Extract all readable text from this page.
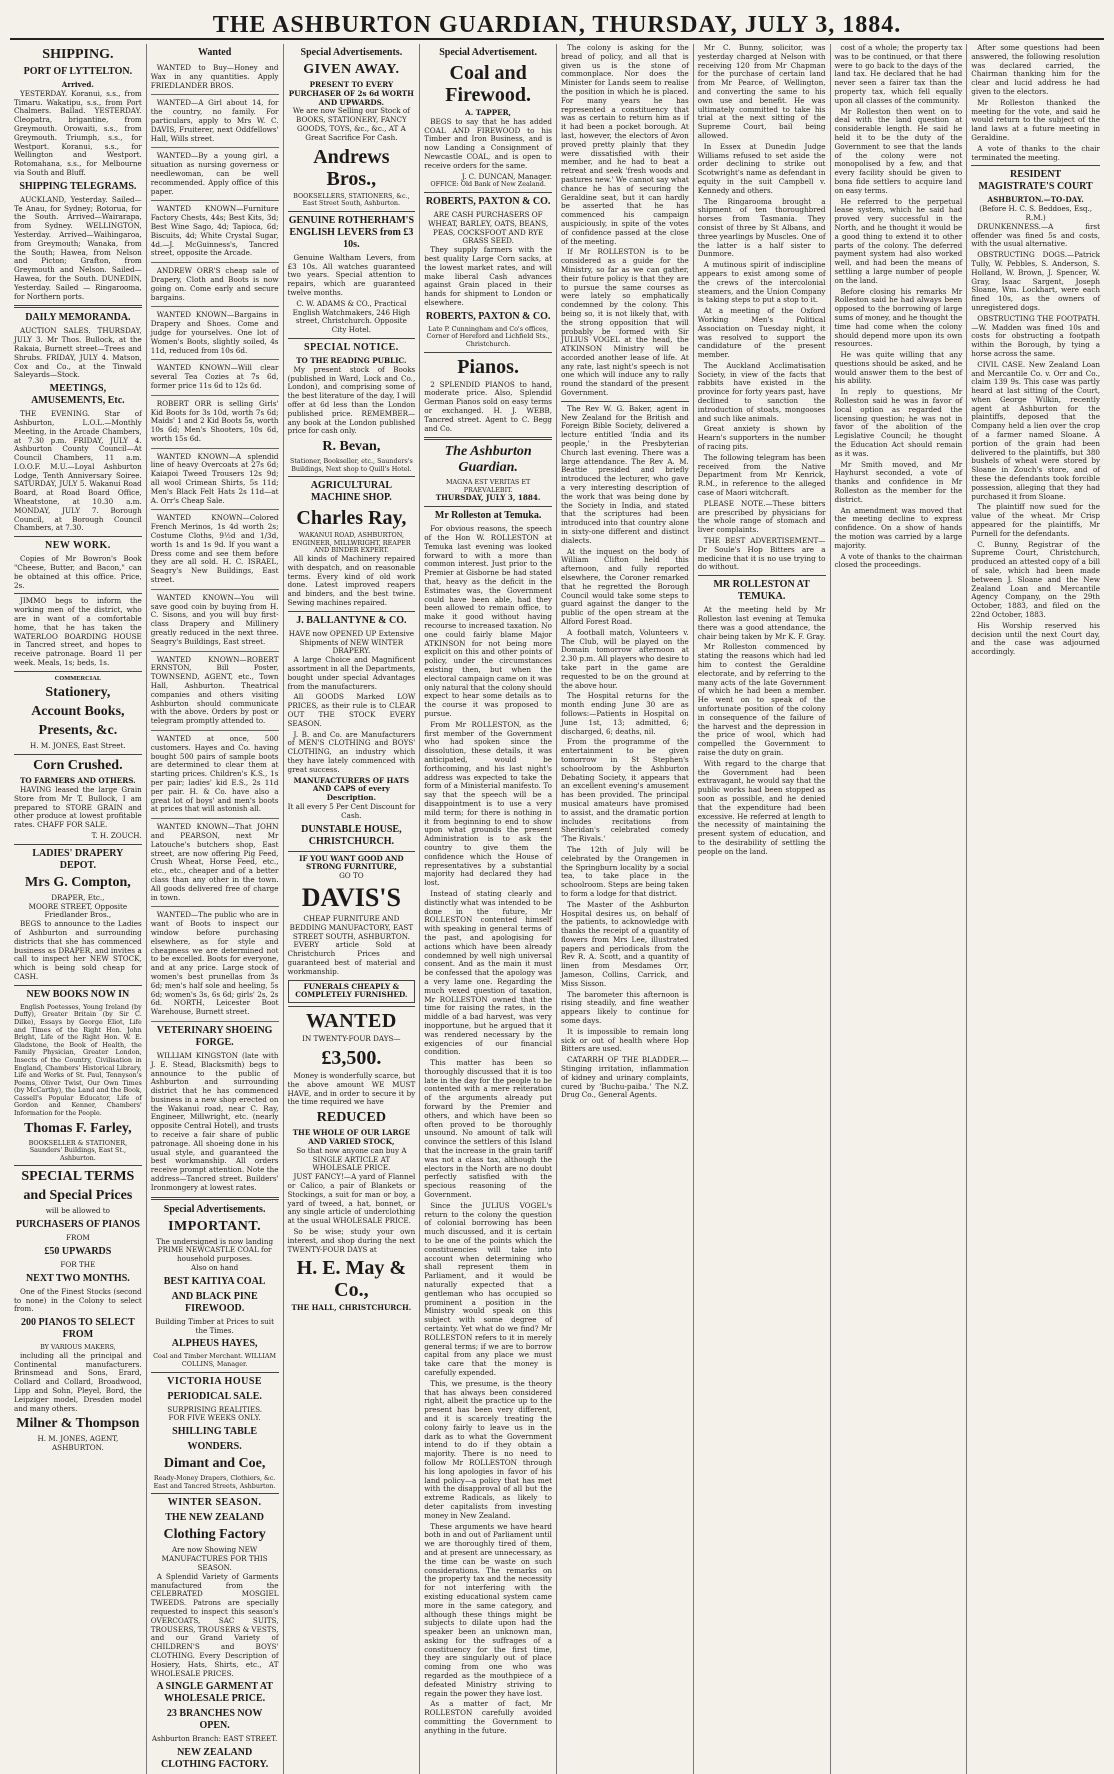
THE ASHBURTON GUARDIAN, THURSDAY, JULY 3, 1884.
SHIPPING.
PORT OF LYTTELTON.
Arrived.
YESTERDAY. Koranui, s.s., from Timaru. Wakatipu, s.s., from Port Chalmers. Ballad. YESTERDAY. Cleopatra, brigantine, from Greymouth. Orowaiti, s.s., from Greymouth. Triumph, s.s., for Westport. Koranui, s.s., for Wellington and Westport. Rotomahana, s.s., for Melbourne via South and Bluff.
SHIPPING TELEGRAMS.
AUCKLAND, Yesterday. Sailed—Te Anau, for Sydney; Rotorua, for the South. Arrived—Wairarapa, from Sydney. WELLINGTON, Yesterday. Arrived—Waihingaroa, from Greymouth; Wanaka, from the South; Hawea, from Nelson and Picton; Grafton, from Greymouth and Nelson. Sailed—Hawea, for the South. DUNEDIN, Yesterday. Sailed — Ringarooma, for Northern ports.
DAILY MEMORANDA.
AUCTION SALES. THURSDAY, JULY 3. Mr Thos. Bullock, at the Rakaia, Burnett street—Trees and Shrubs. FRIDAY, JULY 4. Matson, Cox and Co., at the Tinwald Saleyards—Stock.
MEETINGS, AMUSEMENTS, Etc.
THE EVENING. Star of Ashburton, L.O.L.—Monthly Meeting, in the Arcade Chambers, at 7.30 p.m. FRIDAY, JULY 4. Ashburton County Council—At Council Chambers, 11 a.m. I.O.O.F. M.U.—Loyal Ashburton Lodge, Tenth Anniversary Soiree. SATURDAY, JULY 5. Wakanui Road Board, at Road Board Office, Wheatstone, at 10.30 a.m. MONDAY, JULY 7. Borough Council, at Borough Council Chambers, at 7.30.
NEW WORK.
Copies of Mr Bowron's Book "Cheese, Butter, and Bacon," can be obtained at this office. Price, 2s.
JIMMO begs to inform the working men of the district, who are in want of a comfortable home, that he has taken the WATERLOO BOARDING HOUSE in Tancred street, and hopes to receive patronage. Board 1l per week. Meals, 1s; beds, 1s.
COMMERCIAL
Stationery,
Account Books,
Presents, &c.
H. M. JONES, East Street.
Corn Crushed.
TO FARMERS AND OTHERS.
HAVING leased the large Grain Store from Mr T. Bullock, I am prepared to STORE GRAIN and other produce at lowest profitable rates. CHAFF FOR SALE.
T. H. ZOUCH.
LADIES' DRAPERY DEPOT.
Mrs G. Compton,
DRAPER, Etc.,
MOORE STREET, Opposite Friedlander Bros.,
BEGS to announce to the Ladies of Ashburton and surrounding districts that she has commenced business as DRAPER, and invites a call to inspect her NEW STOCK, which is being sold cheap for CASH.
NEW BOOKS NOW IN
English Poetesses, Young Ireland (by Duffy), Greater Britain (by Sir C. Dilke), Essays by George Eliot, Life and Times of the Right Hon. John Bright, Life of the Right Hon. W. E. Gladstone, the Book of Health, the Family Physician, Greater London, Insects of the Country, Civilisation in England, Chambers' Historical Library, Life and Works of St. Paul, Tennyson's Poems, Oliver Twist, Our Own Times (by McCarthy), the Land and the Book, Cassell's Popular Educator, Life of Gordon and Kenner, Chambers' Information for the People.
Thomas F. Farley,
BOOKSELLER & STATIONER, Saunders' Buildings, East St., Ashburton.
SPECIAL TERMS
and Special Prices
will be allowed to
PURCHASERS OF PIANOS
FROM
£50 UPWARDS
FOR THE
NEXT TWO MONTHS.
One of the Finest Stocks (second to none) in the Colony to select from.
200 PIANOS TO SELECT FROM
BY VARIOUS MAKERS,
including all the principal and Continental manufacturers. Brinsmead and Sons, Erard, Collard and Collard, Broadwood, Lipp and Sohn, Pleyel, Bord, the Leipziger model, Dresden model and many others.
Milner & Thompson
H. M. JONES, AGENT, ASHBURTON.
Wanted
WANTED to Buy—Honey and Wax in any quantities. Apply FRIEDLANDER BROS.
WANTED—A Girl about 14, for the country, no family. For particulars, apply to Mrs W. C. DAVIS, Fruiterer, next Oddfellows' Hall, Wills street.
WANTED—By a young girl, a situation as nursing governess or needlewoman, can be well recommended. Apply office of this paper.
WANTED KNOWN—Furniture Factory Chests, 44s; Best Kits, 3d; Best Wine Sago, 4d; Tapioca, 6d; Biscuits, 4d; White Crystal Sugar, 4d.—J. McGuinness's, Tancred street, opposite the Arcade.
ANDREW ORR'S cheap sale of Drapery, Cloth and Boots is now going on. Come early and secure bargains.
WANTED KNOWN—Bargains in Drapery and Shoes. Come and judge for yourselves. One lot of Women's Boots, slightly soiled, 4s 11d, reduced from 10s 6d.
WANTED KNOWN—Will clear several Tea Cozies at 7s 6d, former price 11s 6d to 12s 6d.
ROBERT ORR is selling Girls' Kid Boots for 3s 10d, worth 7s 6d; Maids' 1 and 2 Kid Boots 5s, worth 10s 6d; Men's Shooters, 10s 6d, worth 15s 6d.
WANTED KNOWN—A splendid line of heavy Overcoats at 27s 6d; Kaiapoi Tweed Trousers 12s 9d; all wool Crimean Shirts, 5s 11d; Men's Black Felt Hats 2s 11d—at A. Orr's Cheap Sale.
WANTED KNOWN—Colored French Merinos, 1s 4d worth 2s; Costume Cloths, 9½d and 1/3d, worth 1s and 1s 9d. If you want a Dress come and see them before they are all sold. H. C. ISRAEL, Seagry's New Buildings, East street.
WANTED KNOWN—You will save good coin by buying from H. C. Sisons, and you will buy first-class Drapery and Millinery greatly reduced in the next three. Seagry's Buildings, East street.
WANTED KNOWN—ROBERT ERNSTON, Bill Poster, TOWNSEND, AGENT, etc., Town Hall, Ashburton. Theatrical companies and others visiting Ashburton should communicate with the above. Orders by post or telegram promptly attended to.
WANTED at once, 500 customers. Hayes and Co. having bought 500 pairs of sample boots are determined to clear them at starting prices. Children's K.S., 1s per pair; ladies' kid E.S., 2s 11d per pair. H. & Co. have also a great lot of boys' and men's boots at prices that will astonish all.
WANTED KNOWN—That JOHN and PEARSON, next Mr Latouche's butchers shop, East street, are now offering Pig Feed, Crush Wheat, Horse Feed, etc., etc., etc., cheaper and of a better class than any other in the town. All goods delivered free of charge in town.
WANTED—The public who are in want of Boots to inspect our window before purchasing elsewhere, as for style and cheapness we are determined not to be excelled. Boots for everyone, and at any price. Large stock of women's best prunellas from 3s 6d; men's half sole and heeling, 5s 6d; women's 3s, 6s 6d; girls' 2s, 2s 6d. NORTH, Leicester Boot Warehouse, Burnett street.
VETERINARY SHOEING FORGE.
WILLIAM KINGSTON (late with J. E. Stead, Blacksmith) begs to announce to the public of Ashburton and surrounding district that he has commenced business in a new shop erected on the Wakanui road, near C. Ray, Engineer, Millwright, etc. (nearly opposite Central Hotel), and trusts to receive a fair share of public patronage. All shoeing done in his usual style, and guaranteed the best workmanship. All orders receive prompt attention. Note the address—Tancred street. Builders' Ironmongery at lowest rates.
Special Advertisements.
IMPORTANT.
The undersigned is now landing PRIME NEWCASTLE COAL for household purposes.
Also on hand
BEST KAITIYA COAL
AND BLACK PINE FIREWOOD.
Building Timber at Prices to suit the Times.
ALPHEUS HAYES,
Coal and Timber Merchant. WILLIAM COLLINS, Manager.
VICTORIA HOUSE
PERIODICAL SALE.
SURPRISING REALITIES.
FOR FIVE WEEKS ONLY.
SHILLING TABLE
WONDERS.
Dimant and Coe,
Ready-Money Drapers, Clothiers, &c. East and Tancred Streets, Ashburton.
WINTER SEASON.
THE NEW ZEALAND
Clothing Factory
Are now Showing NEW MANUFACTURES FOR THIS SEASON.
A Splendid Variety of Garments manufactured from the CELEBRATED MOSGIEL TWEEDS. Patrons are specially requested to inspect this season's OVERCOATS, SAC SUITS, TROUSERS, TROUSERS & VESTS, and our Grand Variety of CHILDREN'S and BOYS' CLOTHING. Every Description of Hosiery, Hats, Shirts, etc., AT WHOLESALE PRICES.
A SINGLE GARMENT AT WHOLESALE PRICE.
23 BRANCHES NOW OPEN.
Ashburton Branch: EAST STREET.
NEW ZEALAND CLOTHING FACTORY.
Special Advertisements.
GIVEN AWAY.
PRESENT TO EVERY PURCHASER OF 2s 6d WORTH AND UPWARDS.
We are now Selling our Stock of BOOKS, STATIONERY, FANCY GOODS, TOYS, &c., &c., AT A Great Sacrifice For Cash.
Andrews Bros.,
BOOKSELLERS, STATIONERS, &c., East Street South, Ashburton.
GENUINE ROTHERHAM'S ENGLISH LEVERS from £3 10s.
Genuine Waltham Levers, from £3 10s. All watches guaranteed two years. Special attention to repairs, which are guaranteed twelve months.
C. W. ADAMS & CO., Practical English Watchmakers, 246 High street, Christchurch. Opposite City Hotel.
SPECIAL NOTICE.
TO THE READING PUBLIC.
My present stock of Books (published in Ward, Lock and Co., London), and comprising some of the best literature of the day, I will offer at 6d less than the London published price. REMEMBER—any book at the London published price for cash only.
R. Bevan,
Stationer, Bookseller, etc., Saunders's Buildings, Next shop to Quill's Hotel.
AGRICULTURAL MACHINE SHOP.
Charles Ray,
WAKANUI ROAD, ASHBURTON, ENGINEER, MILLWRIGHT, REAPER AND BINDER EXPERT.
All kinds of Machinery repaired with despatch, and on reasonable terms. Every kind of old work done. Latest improved reapers and binders, and the best twine. Sewing machines repaired.
J. BALLANTYNE & CO.
HAVE now OPENED UP Extensive Shipments of NEW WINTER DRAPERY.
A large Choice and Magnificent assortment in all the Departments, bought under special Advantages from the manufacturers.
All GOODS Marked LOW PRICES, as their rule is to CLEAR OUT THE STOCK EVERY SEASON.
J. B. and Co. are Manufacturers of MEN'S CLOTHING and BOYS' CLOTHING, an industry which they have lately commenced with great success.
MANUFACTURERS OF HATS AND CAPS of every Description.
It all every 5 Per Cent Discount for Cash.
DUNSTABLE HOUSE, CHRISTCHURCH.
IF YOU WANT GOOD AND STRONG FURNITURE,
GO TO
DAVIS'S
CHEAP FURNITURE AND BEDDING MANUFACTORY, EAST STREET SOUTH, ASHBURTON.
EVERY article Sold at Christchurch Prices and guaranteed best of material and workmanship.
FUNERALS CHEAPLY & COMPLETELY FURNISHED.
WANTED
IN TWENTY-FOUR DAYS—
£3,500.
Money is wonderfully scarce, but the above amount WE MUST HAVE, and in order to secure it by the time required we have
REDUCED
THE WHOLE OF OUR LARGE AND VARIED STOCK,
So that now anyone can buy A SINGLE ARTICLE AT WHOLESALE PRICE.
JUST FANCY!—A yard of Flannel or Calico, a pair of Blankets or Stockings, a suit for man or boy, a yard of tweed, a hat, bonnet, or any single article of underclothing at the usual WHOLESALE PRICE.
So be wise; study your own interest, and shop during the next TWENTY-FOUR DAYS at
H. E. May & Co.,
THE HALL, CHRISTCHURCH.
Special Advertisement.
Coal and Firewood.
A. TAPPER,
BEGS to say that he has added COAL AND FIREWOOD to his Timber and Iron Business, and is now Landing a Consignment of Newcastle COAL, and is open to receive orders for the same.
J. C. DUNCAN, Manager.
OFFICE: Old Bank of New Zealand.
ROBERTS, PAXTON & CO.
ARE CASH PURCHASERS OF WHEAT, BARLEY, OATS, BEANS, PEAS, COCKSFOOT AND RYE GRASS SEED.
They supply farmers with the best quality Large Corn sacks, at the lowest market rates, and will make liberal Cash advances against Grain placed in their hands for shipment to London or elsewhere.
ROBERTS, PAXTON & CO.
Late P. Cunningham and Co's offices, Corner of Hereford and Lichfield Sts., Christchurch.
Pianos.
2 SPLENDID PIANOS to hand, moderate price. Also, Splendid German Pianos sold on easy terms or exchanged. H. J. WEBB, Tancred street. Agent to C. Begg and Co.
The Ashburton Guardian.
MAGNA EST VERITAS ET PRAEVALEBIT.
THURSDAY, JULY 3, 1884.
Mr Rolleston at Temuka.
For obvious reasons, the speech of the Hon W. ROLLESTON at Temuka last evening was looked forward to with a more than common interest. Just prior to the Premier at Gisborne be had stated that, heavy as the deficit in the Estimates was, the Government could have been able, had they been allowed to remain office, to make it good without having recourse to increased taxation. No one could fairly blame Major ATKINSON for not being more explicit on this and other points of policy, under the circumstances existing then, but when the electoral campaign came on it was only natural that the colony should expect to hear some details as to the course it was proposed to pursue.
From Mr ROLLESTON, as the first member of the Government who had spoken since the dissolution, these details, it was anticipated, would be forthcoming, and his last night's address was expected to take the form of a Ministerial manifesto. To say that the speech will be a disappointment is to use a very mild term; for there is nothing in it from beginning to end to show upon what grounds the present Administration is to ask the country to give them the confidence which the House of representatives by a substantial majority had declared they had lost.
Instead of stating clearly and distinctly what was intended to be done in the future, Mr ROLLESTON contented himself with speaking in general terms of the past, and apologising for actions which have been already condemned by well nigh universal consent. And as the main it must be confessed that the apology was a very lame one. Regarding the much vexed question of taxation, Mr ROLLESTON owned that the time for raising the rates, in the middle of a bad harvest, was very inopportune, but he argued that it was rendered necessary by the exigencies of our financial condition.
This matter has been so thoroughly discussed that it is too late in the day for the people to be contented with a mere reiteration of the arguments already put forward by the Premier and others, and which have been so often proved to be thoroughly unsound. No amount of talk will convince the settlers of this Island that the increase in the grain tariff was not a class tax, although the electors in the North are no doubt perfectly satisfied with the specious reasoning of the Government.
Since the JULIUS VOGEL's return to the colony the question of colonial borrowing has been much discussed, and it is certain to be one of the points which the constituencies will take into account when determining who shall represent them in Parliament, and it would be naturally expected that a gentleman who has occupied so prominent a position in the Ministry would speak on this subject with some degree of certainty. Yet what do we find? Mr ROLLESTON refers to it in merely general terms; if we are to borrow capital from any place we must take care that the money is carefully expended.
This, we presume, is the theory that has always been considered right, albeit the practice up to the present has been very different, and it is scarcely treating the colony fairly to leave us in the dark as to what the Government intend to do if they obtain a majority. There is no need to follow Mr ROLLESTON through his long apologies in favor of his land policy—a policy that has met with the disapproval of all but the extreme Radicals, as likely to deter capitalists from investing money in New Zealand.
These arguments we have heard both in and out of Parliament until we are thoroughly tired of them, and at present are unnecessary, as the time can be waste on such considerations. The remarks on the property tax and the necessity for not interfering with the existing educational system came more in the same category, and although these things might be subjects to dilate upon had the speaker been an unknown man, asking for the suffrages of a constituency for the first time, they are singularly out of place coming from one who was regarded as the mouthpiece of a defeated Ministry striving to regain the power they have lost.
As a matter of fact, Mr ROLLESTON carefully avoided committing the Government to anything in the future.
The colony is asking for the bread of policy, and all that is given us is the stone of commonplace. Nor does the Minister for Lands seem to realise the position in which he is placed. For many years he has represented a constituency that was as certain to return him as if it had been a pocket borough. At last, however, the electors of Avon proved pretty plainly that they were dissatisfied with their member, and he had to beat a retreat and seek 'fresh woods and pastures new.' We cannot say what chance he has of securing the Geraldine seat, but it can hardly be asserted that he has commenced his campaign auspiciously, in spite of the votes of confidence passed at the close of the meeting.
If Mr ROLLESTON is to be considered as a guide for the Ministry, so far as we can gather, their future policy is that they are to pursue the same courses as were lately so emphatically condemned by the colony. This being so, it is not likely that, with the strong opposition that will probably be formed with Sir JULIUS VOGEL at the head, the ATKINSON Ministry will be accorded another lease of life. At any rate, last night's speech is not one which will induce any to rally round the standard of the present Government.
The Rev W. G. Baker, agent in New Zealand for the British and Foreign Bible Society, delivered a lecture entitled 'India and its people,' in the Presbyterian Church last evening. There was a large attendance. The Rev A. M. Beattie presided and briefly introduced the lecturer, who gave a very interesting description of the work that was being done by the Society in India, and stated that the scriptures had been introduced into that country alone in sixty-one different and distinct dialects.
At the inquest on the body of William Clifton held this afternoon, and fully reported elsewhere, the Coroner remarked that he regretted the Borough Council would take some steps to guard against the danger to the public of the open stream at the Alford Forest Road.
A football match, Volunteers v. The Club, will be played on the Domain tomorrow afternoon at 2.30 p.m. All players who desire to take part in the game are requested to be on the ground at the above hour.
The Hospital returns for the month ending June 30 are as follows:—Patients in Hospital on June 1st, 13; admitted, 6; discharged, 6; deaths, nil.
From the programme of the entertainment to be given tomorrow in St Stephen's schoolroom by the Ashburton Debating Society, it appears that an excellent evening's amusement has been provided. The principal musical amateurs have promised to assist, and the dramatic portion includes recitations from Sheridan's celebrated comedy 'The Rivals.'
The 12th of July will be celebrated by the Orangemen in the Springburn locality by a social tea, to take place in the schoolroom. Steps are being taken to form a lodge for that district.
The Master of the Ashburton Hospital desires us, on behalf of the patients, to acknowledge with thanks the receipt of a quantity of flowers from Mrs Lee, illustrated papers and periodicals from the Rev R. A. Scott, and a quantity of linen from Mesdames Orr, Jameson, Collins, Carrick, and Miss Sisson.
The barometer this afternoon is rising steadily, and fine weather appears likely to continue for some days.
It is impossible to remain long sick or out of health where Hop Bitters are used.
CATARRH OF THE BLADDER.—Stinging irritation, inflammation of kidney and urinary complaints, cured by 'Buchu-paiba.' The N.Z. Drug Co., General Agents.
Mr C. Bunny, solicitor, was yesterday charged at Nelson with receiving 120 from Mr Chapman for the purchase of certain land from Mr Pearce, of Wellington, and converting the same to his own use and benefit. He was ultimately committed to take his trial at the next sitting of the Supreme Court, bail being allowed.
In Essex at Dunedin Judge Williams refused to set aside the order declining to strike out Scotwright's name as defendant in equity in the suit Campbell v. Kennedy and others.
The Ringarooma brought a shipment of ten thoroughbred horses from Tasmania. They consist of three by St Albans, and three yearlings by Muscles. One of the latter is a half sister to Dunmore.
A mutinous spirit of indiscipline appears to exist among some of the crews of the intercolonial steamers, and the Union Company is taking steps to put a stop to it.
At a meeting of the Oxford Working Men's Political Association on Tuesday night, it was resolved to support the candidature of the present member.
The Auckland Acclimatisation Society, in view of the facts that rabbits have existed in the province for forty years past, have declined to sanction the introduction of stoats, mongooses and such like animals.
Great anxiety is shown by Hearn's supporters in the number of racing pits.
The following telegram has been received from the Native Department from Mr Kenrick, R.M., in reference to the alleged case of Maori witchcraft.
PLEASE NOTE.—These bitters are prescribed by physicians for the whole range of stomach and liver complaints.
THE BEST ADVERTISEMENT—Dr Soule's Hop Bitters are a medicine that it is no use trying to do without.
MR ROLLESTON AT TEMUKA.
At the meeting held by Mr Rolleston last evening at Temuka there was a good attendance, the chair being taken by Mr K. F. Gray.
Mr Rolleston commenced by stating the reasons which had led him to contest the Geraldine electorate, and by referring to the many acts of the late Government of which he had been a member. He went on to speak of the unfortunate position of the colony in consequence of the failure of the harvest and the depression in the price of wool, which had compelled the Government to raise the duty on grain.
With regard to the charge that the Government had been extravagant, he would say that the public works had been stopped as soon as possible, and he denied that the expenditure had been excessive. He referred at length to the necessity of maintaining the present system of education, and to the desirability of settling the people on the land.
cost of a whole; the property tax was to be continued, or that there were to go back to the days of the land tax. He declared that he had never seen a fairer tax than the property tax, which fell equally upon all classes of the community.
Mr Rolleston then went on to deal with the land question at considerable length. He said he held it to be the duty of the Government to see that the lands of the colony were not monopolised by a few, and that every facility should be given to bona fide settlers to acquire land on easy terms.
He referred to the perpetual lease system, which he said had proved very successful in the North, and he thought it would be a good thing to extend it to other parts of the colony. The deferred payment system had also worked well, and had been the means of settling a large number of people on the land.
Before closing his remarks Mr Rolleston said he had always been opposed to the borrowing of large sums of money, and he thought the time had come when the colony should depend more upon its own resources.
He was quite willing that any questions should be asked, and he would answer them to the best of his ability.
In reply to questions, Mr Rolleston said he was in favor of local option as regarded the licensing question; he was not in favor of the abolition of the Legislative Council; he thought the Education Act should remain as it was.
Mr Smith moved, and Mr Hayhurst seconded, a vote of thanks and confidence in Mr Rolleston as the member for the district.
An amendment was moved that the meeting decline to express confidence. On a show of hands the motion was carried by a large majority.
A vote of thanks to the chairman closed the proceedings.
After some questions had been answered, the following resolution was declared carried, the Chairman thanking him for the clear and lucid address he had given to the electors.
Mr Rolleston thanked the meeting for the vote, and said he would return to the subject of the land laws at a future meeting in Geraldine.
A vote of thanks to the chair terminated the meeting.
RESIDENT MAGISTRATE'S COURT
ASHBURTON.—TO-DAY.
(Before H. C. S. Beddoes, Esq., R.M.)
DRUNKENNESS.—A first offender was fined 5s and costs, with the usual alternative.
OBSTRUCTING DOGS.—Patrick Tully, W. Pebbles, S. Anderson, S. Holland, W. Brown, J. Spencer, W. Gray, Isaac Sargent, Joseph Sloane, Wm. Lockhart, were each fined 10s, as the owners of unregistered dogs.
OBSTRUCTING THE FOOTPATH.—W. Madden was fined 10s and costs for obstructing a footpath within the Borough, by tying a horse across the same.
CIVIL CASE. New Zealand Loan and Mercantile Co. v. Orr and Co., claim 139 9s. This case was partly heard at last sitting of the Court, when George Wilkin, recently agent at Ashburton for the plaintiffs, deposed that the Company held a lien over the crop of a farmer named Sloane. A portion of the grain had been delivered to the plaintiffs, but 380 bushels of wheat were stored by Sloane in Zouch's store, and of these the defendants took forcible possession, alleging that they had purchased it from Sloane.
The plaintiff now sued for the value of the wheat. Mr Crisp appeared for the plaintiffs, Mr Purnell for the defendants.
C. Bunny, Registrar of the Supreme Court, Christchurch, produced an attested copy of a bill of sale, which had been made between J. Sloane and the New Zealand Loan and Mercantile Agency Company, on the 29th October, 1883, and filed on the 22nd October, 1883.
His Worship reserved his decision until the next Court day, and the case was adjourned accordingly.
